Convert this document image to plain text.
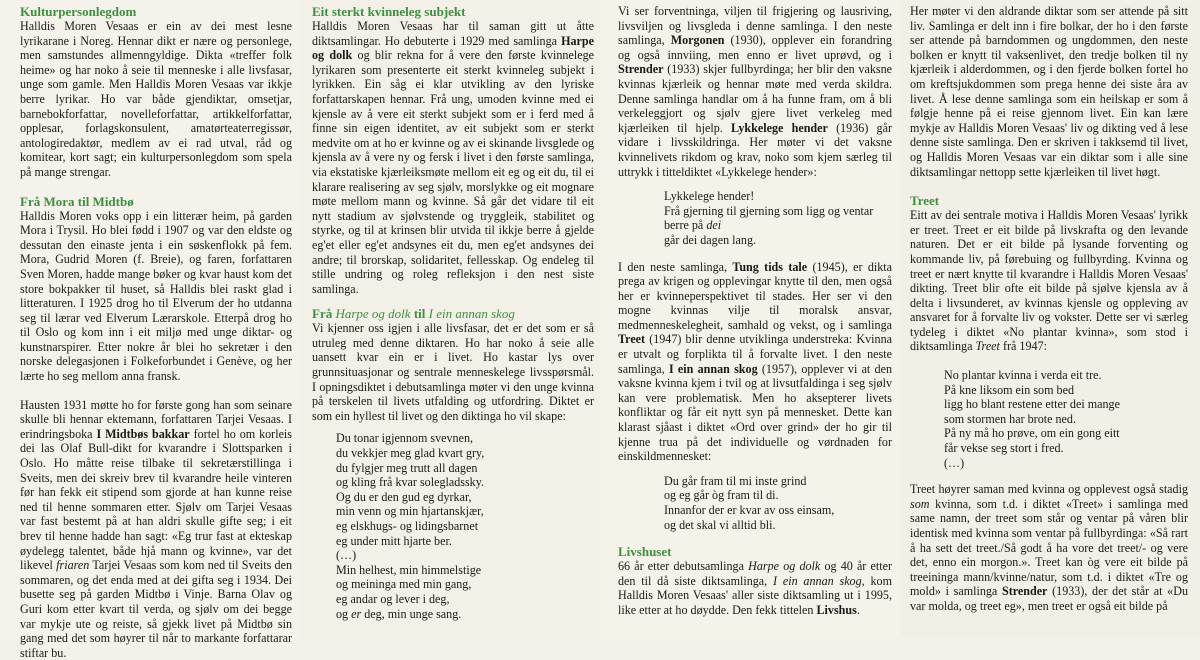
Kulturpersonlegdom

Halldis Moren Vesaas er ein av dei mest lesne lyrikarane i Noreg. Hennar dikt er nære og personlege, men samstundes allmenngyldige. Dikta «treffer folk heime» og har noko å seie til menneske i alle livsfasar, unge som gamle. Men Halldis Moren Vesaas var ikkje berre lyrikar. Ho var både gjendiktar, omsetjar, barnebokforfattar, novelleforfattar, artikkelforfattar, opplesar, forlagskonsulent, amatørteaterregissør, antologiredaktør, medlem av ei rad utval, råd og komitear, kort sagt; ein kulturpersonlegdom som spela på mange strengar.

Frå Mora til Midtbø

Halldis Moren voks opp i ein litterær heim, på garden Mora i Trysil. Ho blei fødd i 1907 og var den eldste og dessutan den einaste jenta i ein søskenflokk på fem. Mora, Gudrid Moren (f. Breie), og faren, forfattaren Sven Moren, hadde mange bøker og kvar haust kom det store bokpakker til huset, så Halldis blei raskt glad i litteraturen. I 1925 drog ho til Elverum der ho utdanna seg til lærar ved Elverum Lærarskole. Etterpå drog ho til Oslo og kom inn i eit miljø med unge diktar- og kunstnarspirer. Etter nokre år blei ho sekretær i den norske delegasjonen i Folkeforbundet i Genève, og her lærte ho seg mellom anna fransk.

Hausten 1931 møtte ho for første gong han som seinare skulle bli hennar ektemann, forfattaren Tarjei Vesaas. I erindringsboka I Midtbøs bakkar fortel ho om korleis dei las Olaf Bull-dikt for kvarandre i Slottsparken i Oslo. Ho måtte reise tilbake til sekretærstillinga i Sveits, men dei skreiv brev til kvarandre heile vinteren før han fekk eit stipend som gjorde at han kunne reise ned til henne sommaren etter. Sjølv om Tarjei Vesaas var fast bestemt på at han aldri skulle gifte seg; i eit brev til henne hadde han sagt: «Eg trur fast at ekteskap øydelegg talentet, både hjå mann og kvinne», var det likevel friaren Tarjei Vesaas som kom ned til Sveits den sommaren, og det enda med at dei gifta seg i 1934. Dei busette seg på garden Midtbø i Vinje. Barna Olav og Guri kom etter kvart til verda, og sjølv om dei begge var mykje ute og reiste, så gjekk livet på Midtbø sin gang med det som høyrer til når to markante forfattarar stiftar bu.

Eit sterkt kvinneleg subjekt

Halldis Moren Vesaas har til saman gitt ut åtte diktsamlingar. Ho debuterte i 1929 med samlinga Harpe og dolk og blir rekna for å vere den første kvinnelege lyrikaren som presenterte eit sterkt kvinneleg subjekt i lyrikken. Ein såg ei klar utvikling av den lyriske forfattarskapen hennar. Frå ung, umoden kvinne med ei kjensle av å vere eit sterkt subjekt som er i ferd med å finne sin eigen identitet, av eit subjekt som er sterkt medvite om at ho er kvinne og av ei skinande livsglede og kjensla av å vere ny og fersk i livet i den første samlinga, via ekstatiske kjærleiksmøte mellom eit eg og eit du, til ei klarare realisering av seg sjølv, morslykke og eit mognare møte mellom mann og kvinne. Så går det vidare til eit nytt stadium av sjølvstende og tryggleik, stabilitet og styrke, og til at krinsen blir utvida til ikkje berre å gjelde eg'et eller eg'et andsynes eit du, men eg'et andsynes dei andre; til brorskap, solidaritet, fellesskap. Og endeleg til stille undring og roleg refleksjon i den nest siste samlinga.

Frå Harpe og dolk til I ein annan skog

Vi kjenner oss igjen i alle livsfasar, det er det som er så utruleg med denne diktaren. Ho har noko å seie alle uansett kvar ein er i livet. Ho kastar lys over grunnsituasjonar og sentrale menneskelege livsspørsmål. I opningsdiktet i debutsamlinga møter vi den unge kvinna på terskelen til livets utfalding og utfordring. Diktet er som ein hyllest til livet og den diktinga ho vil skape:

Du tonar igjennom svevnen,
du vekkjer meg glad kvart gry,
du fylgjer meg trutt all dagen
og kling frå kvar solegladssky.
Og du er den gud eg dyrkar,
min venn og min hjartanskjær,
eg elskhugs- og lidingsbarnet
eg under mitt hjarte ber.
(…)
Min helhest, min himmelstige
og meininga med min gang,
eg andar og lever i deg,
og er deg, min unge sang.

Vi ser forventninga, viljen til frigjering og lausriving, livsviljen og livsgleda i denne samlinga. I den neste samlinga, Morgonen (1930), opplever ein forandring og også innviing, men enno er livet uprøvd, og i Strender (1933) skjer fullbyrdinga; her blir den vaksne kvinnas kjærleik og hennar møte med verda skildra. Denne samlinga handlar om å ha funne fram, om å bli verkeleggjort og sjølv gjere livet verkeleg med kjærleiken til hjelp. Lykkelege hender (1936) går vidare i livsskildringa. Her møter vi det vaksne kvinnelivets rikdom og krav, noko som kjem særleg til uttrykk i titteldiktet «Lykkelege hender»:

Lykkelege hender!
Frå gjerning til gjerning som ligg og ventar
berre på dei
går dei dagen lang.

I den neste samlinga, Tung tids tale (1945), er dikta prega av krigen og opplevingar knytte til den, men også her er kvinneperspektivet til stades. Her ser vi den mogne kvinnas vilje til moralsk ansvar, medmenneskelegheit, samhald og vekst, og i samlinga Treet (1947) blir denne utviklinga understreka: Kvinna er utvalt og forplikta til å forvalte livet. I den neste samlinga, I ein annan skog (1957), opplever vi at den vaksne kvinna kjem i tvil og at livsutfaldinga i seg sjølv kan vere problematisk. Men ho aksepterer livets konfliktar og får eit nytt syn på mennesket. Dette kan klarast sjåast i diktet «Ord over grind» der ho gir til kjenne trua på det individuelle og vørdnaden for einskildmennesket:

Du går fram til mi inste grind
og eg går òg fram til di.
Innanfor der er kvar av oss einsam,
og det skal vi alltid bli.
Livshuset

66 år etter debutsamlinga Harpe og dolk og 40 år etter den til då siste diktsamlinga, I ein annan skog, kom Halldis Moren Vesaas' aller siste diktsamling ut i 1995, like etter at ho døydde. Den fekk tittelen Livshus.

Her møter vi den aldrande diktar som ser attende på sitt liv. Samlinga er delt inn i fire bolkar, der ho i den første ser attende på barndommen og ungdommen, den neste bolken er knytt til vaksenlivet, den tredje bolken til ny kjærleik i alderdommen, og i den fjerde bolken fortel ho om kreftsjukdommen som prega henne dei siste åra av livet. Å lese denne samlinga som ein heilskap er som å følgje henne på ei reise gjennom livet. Ein kan lære mykje av Halldis Moren Vesaas' liv og dikting ved å lese denne siste samlinga. Den er skriven i takksemd til livet, og Halldis Moren Vesaas var ein diktar som i alle sine diktsamlingar nettopp sette kjærleiken til livet høgt.

Treet

Eitt av dei sentrale motiva i Halldis Moren Vesaas' lyrikk er treet. Treet er eit bilde på livskrafta og den levande naturen. Det er eit bilde på lysande forventing og kommande liv, på førebuing og fullbyrding. Kvinna og treet er nært knytte til kvarandre i Halldis Moren Vesaas' dikting. Treet blir ofte eit bilde på sjølve kjensla av å delta i livsunderet, av kvinnas kjensle og oppleving av ansvaret for å forvalte liv og vokster. Dette ser vi særleg tydeleg i diktet «No plantar kvinna», som stod i diktsamlinga Treet frå 1947:

No plantar kvinna i verda eit tre.
På kne liksom ein som bed
ligg ho blant restene etter dei mange
som stormen har brote ned.
På ny må ho prøve, om ein gong eitt
får vekse seg stort i fred.
(…)

Treet høyrer saman med kvinna og opplevest også stadig som kvinna, som t.d. i diktet «Treet» i samlinga med same namn, der treet som står og ventar på våren blir identisk med kvinna som ventar på fullbyrdinga: «Så rart å ha sett det treet./Så godt å ha vore det treet/- og vere det, enno ein morgon.». Treet kan òg vere eit bilde på treeininga mann/kvinne/natur, som t.d. i diktet «Tre og mold» i samlinga Strender (1933), der det står at «Du var molda, og treet eg», men treet er også eit bilde på
